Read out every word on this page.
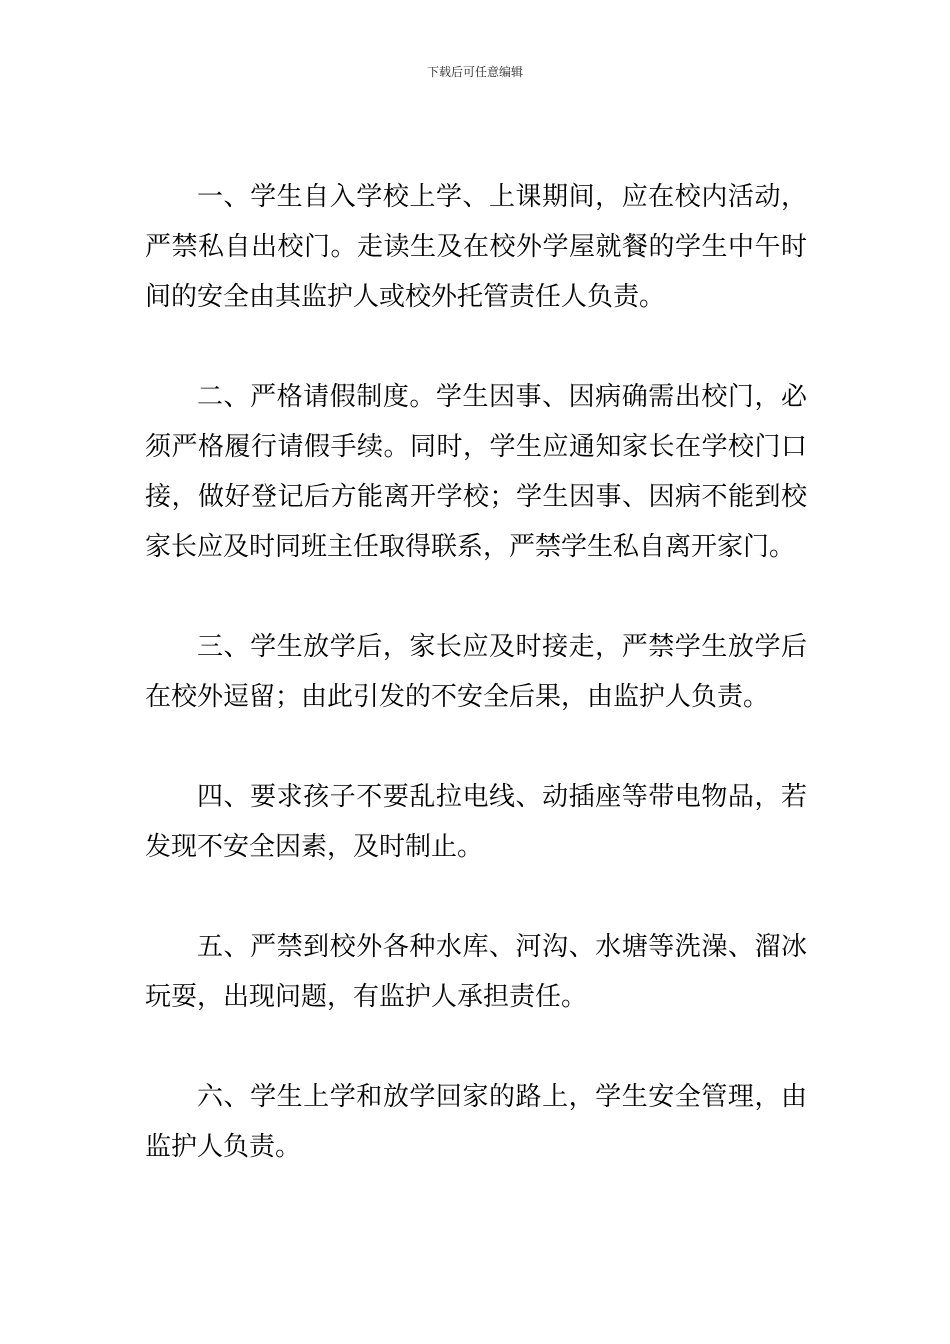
下载后可任意编辑

一、学生自入学校上学、上课期间，应在校内活动，严禁私自出校门。走读生及在校外学屋就餐的学生中午时间的安全由其监护人或校外托管责任人负责。

二、严格请假制度。学生因事、因病确需出校门，必须严格履行请假手续。同时，学生应通知家长在学校门口接，做好登记后方能离开学校；学生因事、因病不能到校家长应及时同班主任取得联系，严禁学生私自离开家门。

三、学生放学后，家长应及时接走，严禁学生放学后在校外逗留；由此引发的不安全后果，由监护人负责。

四、要求孩子不要乱拉电线、动插座等带电物品，若发现不安全因素，及时制止。

五、严禁到校外各种水库、河沟、水塘等洗澡、溜冰玩耍，出现问题，有监护人承担责任。

六、学生上学和放学回家的路上，学生安全管理，由监护人负责。
